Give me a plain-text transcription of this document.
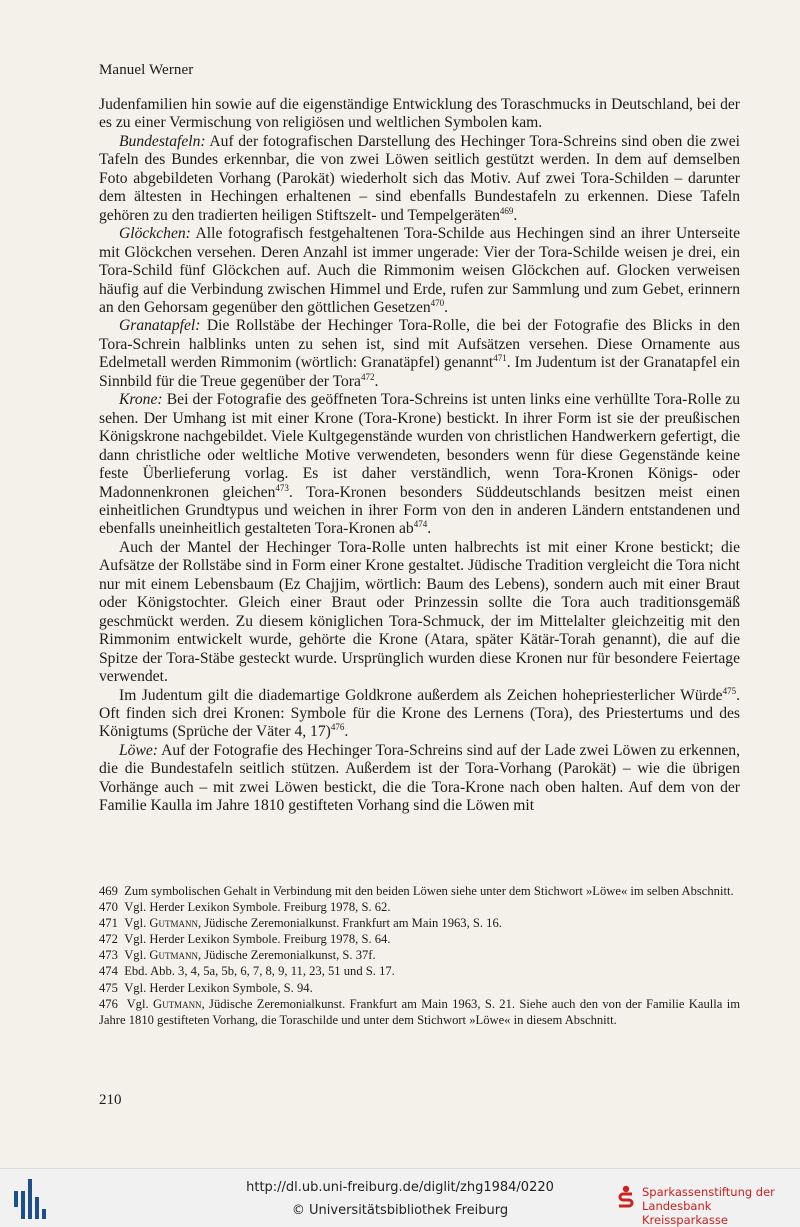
Manuel Werner

Judenfamilien hin sowie auf die eigenständige Entwicklung des Toraschmucks in Deutschland, bei der es zu einer Vermischung von religiösen und weltlichen Symbolen kam.

Bundestafeln: Auf der fotografischen Darstellung des Hechinger Tora-Schreins sind oben die zwei Tafeln des Bundes erkennbar, die von zwei Löwen seitlich gestützt werden. In dem auf demselben Foto abgebildeten Vorhang (Parokät) wiederholt sich das Motiv. Auf zwei Tora-Schilden – darunter dem ältesten in Hechingen erhaltenen – sind ebenfalls Bundestafeln zu erkennen. Diese Tafeln gehören zu den tradierten heiligen Stiftszelt- und Tempelgeräten$^{469}$.

Glöckchen: Alle fotografisch festgehaltenen Tora-Schilde aus Hechingen sind an ihrer Unterseite mit Glöckchen versehen. Deren Anzahl ist immer ungerade: Vier der Tora-Schilde weisen je drei, ein Tora-Schild fünf Glöckchen auf. Auch die Rimmonim weisen Glöckchen auf. Glocken verweisen häufig auf die Verbindung zwischen Himmel und Erde, rufen zur Sammlung und zum Gebet, erinnern an den Gehorsam gegenüber den göttlichen Gesetzen$^{470}$.

Granatapfel: Die Rollstäbe der Hechinger Tora-Rolle, die bei der Fotografie des Blicks in den Tora-Schrein halblinks unten zu sehen ist, sind mit Aufsätzen versehen. Diese Ornamente aus Edelmetall werden Rimmonim (wörtlich: Granatäpfel) genannt$^{471}$. Im Judentum ist der Granatapfel ein Sinnbild für die Treue gegenüber der Tora$^{472}$.

Krone: Bei der Fotografie des geöffneten Tora-Schreins ist unten links eine verhüllte Tora-Rolle zu sehen. Der Umhang ist mit einer Krone (Tora-Krone) bestickt. In ihrer Form ist sie der preußischen Königskrone nachgebildet. Viele Kultgegenstände wurden von christlichen Handwerkern gefertigt, die dann christliche oder weltliche Motive verwendeten, besonders wenn für diese Gegenstände keine feste Überlieferung vorlag. Es ist daher verständlich, wenn Tora-Kronen Königs- oder Madonnenkronen gleichen$^{473}$. Tora-Kronen besonders Süddeutschlands besitzen meist einen einheitlichen Grundtypus und weichen in ihrer Form von den in anderen Ländern entstandenen und ebenfalls uneinheitlich gestalteten Tora-Kronen $ab^{474}$.

Auch der Mantel der Hechinger Tora-Rolle unten halbrechts ist mit einer Krone bestickt; die Aufsätze der Rollstäbe sind in Form einer Krone gestaltet. Jüdische Tradition vergleicht die Tora nicht nur mit einem Lebensbaum (Ez Chajjim, wörtlich: Baum des Lebens), sondern auch mit einer Braut oder Königstochter. Gleich einer Braut oder Prinzessin sollte die Tora auch traditionsgemäß geschmückt werden. Zu diesem königlichen Tora-Schmuck, der im Mittelalter gleichzeitig mit den Rimmonim entwickelt wurde, gehörte die Krone (Atara, später Kätär-Torah genannt), die auf die Spitze der Tora-Stäbe gesteckt wurde. Ursprünglich wurden diese Kronen nur für besondere Feiertage verwendet.

Im Judentum gilt die diademartige Goldkrone außerdem als Zeichen hohepriesterlicher Würde$^{475}$. Oft finden sich drei Kronen: Symbole für die Krone des Lernens (Tora), des Priestertums und des Königtums (Sprüche der Väter 4, 17)$^{476}$.

Löwe: Auf der Fotografie des Hechinger Tora-Schreins sind auf der Lade zwei Löwen zu erkennen, die die Bundestafeln seitlich stützen. Außerdem ist der Tora-Vorhang (Parokät) – wie die übrigen Vorhänge auch – mit zwei Löwen bestickt, die die Tora-Krone nach oben halten. Auf dem von der Familie Kaulla im Jahre 1810 gestifteten Vorhang sind die Löwen mit

469 Zum symbolischen Gehalt in Verbindung mit den beiden Löwen siehe unter dem Stichwort »Löwe« im selben Abschnitt.
470 Vgl. Herder Lexikon Symbole. Freiburg 1978, S. 62.
471 Vgl. Gutmann, Jüdische Zeremonialkunst. Frankfurt am Main 1963, S. 16.
472 Vgl. Herder Lexikon Symbole. Freiburg 1978, S. 64.
473 Vgl. Gutmann, Jüdische Zeremonialkunst, S. 37f.
474 Ebd. Abb. 3, 4, 5a, 5b, 6, 7, 8, 9, 11, 23, 51 und S. 17.
475 Vgl. Herder Lexikon Symbole, S. 94.
476 Vgl. Gutmann, Jüdische Zeremonialkunst. Frankfurt am Main 1963, S. 21. Siehe auch den von der Familie Kaulla im Jahre 1810 gestifteten Vorhang, die Toraschilde und unter dem Stichwort »Löwe« in diesem Abschnitt.
210
http://dl.ub.uni-freiburg.de/diglit/zhg1984/0220
© Universitätsbibliothek Freiburg
Sparkassenstiftung der
Landesbank Kreissparkasse
